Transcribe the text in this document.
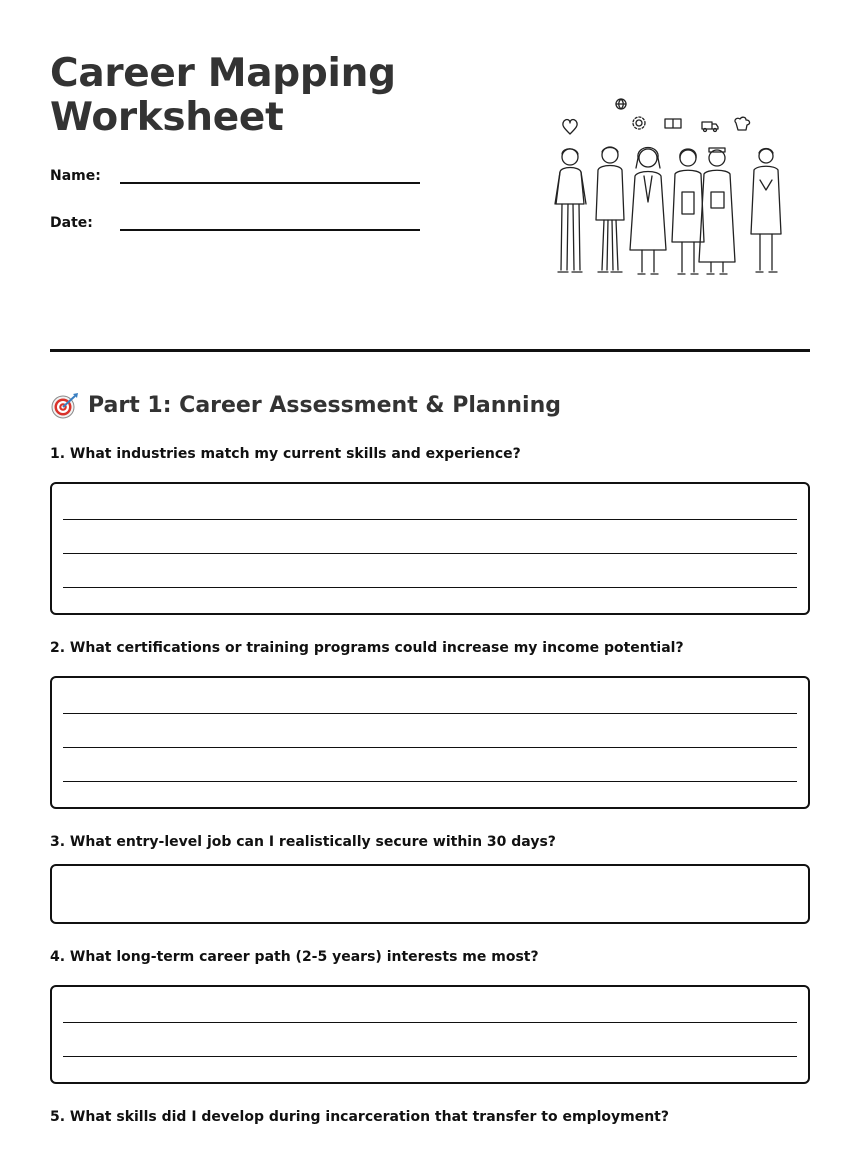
Career Mapping
Worksheet
Name:
Date:
Part 1: Career Assessment & Planning

1. What industries match my current skills and experience?

2. What certifications or training programs could increase my income potential?

3. What entry-level job can I realistically secure within 30 days?

4. What long-term career path (2-5 years) interests me most?

5. What skills did I develop during incarceration that transfer to employment?
